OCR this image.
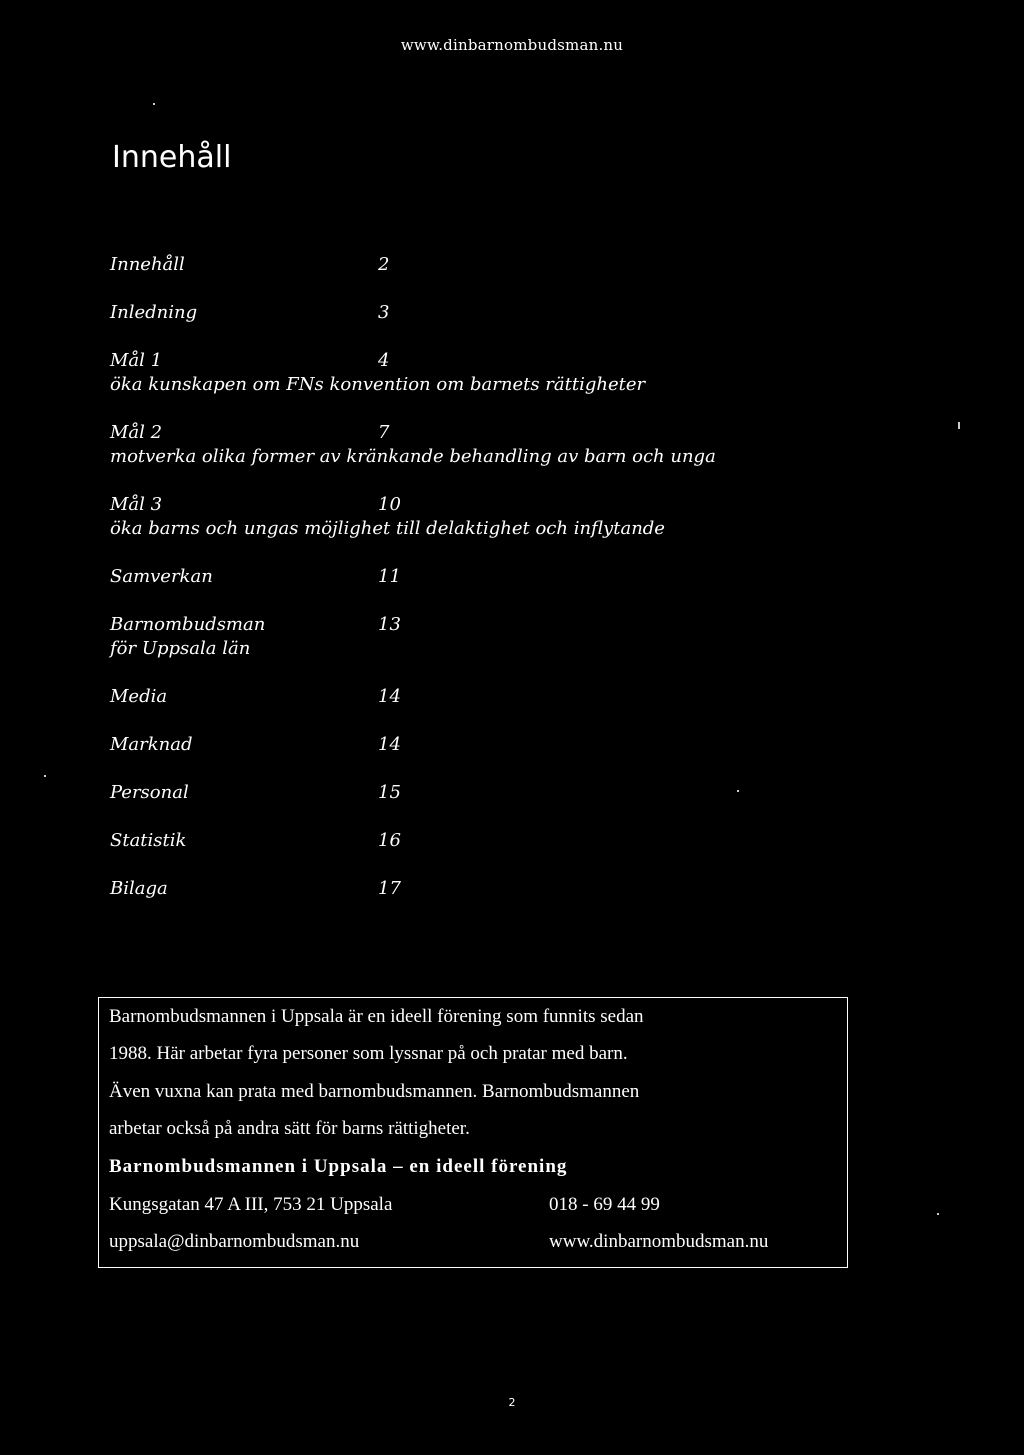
www.dinbarnombudsman.nu
Innehåll
Innehåll	2
Inledning	3
Mål 1	4
öka kunskapen om FNs konvention om barnets rättigheter
Mål 2	7
motverka olika former av kränkande behandling av barn och unga
Mål 3	10
öka barns och ungas möjlighet till delaktighet och inflytande
Samverkan	11
Barnombudsman	13
för Uppsala län
Media	14
Marknad	14
Personal	15
Statistik	16
Bilaga	17
Barnombudsmannen i Uppsala är en ideell förening som funnits sedan
1988. Här arbetar fyra personer som lyssnar på och pratar med barn.
Även vuxna kan prata med barnombudsmannen. Barnombudsmannen
arbetar också på andra sätt för barns rättigheter.
Barnombudsmannen i Uppsala – en ideell förening
Kungsgatan 47 A III, 753 21 Uppsala	018 - 69 44 99
uppsala@dinbarnombudsman.nu	www.dinbarnombudsman.nu
2
